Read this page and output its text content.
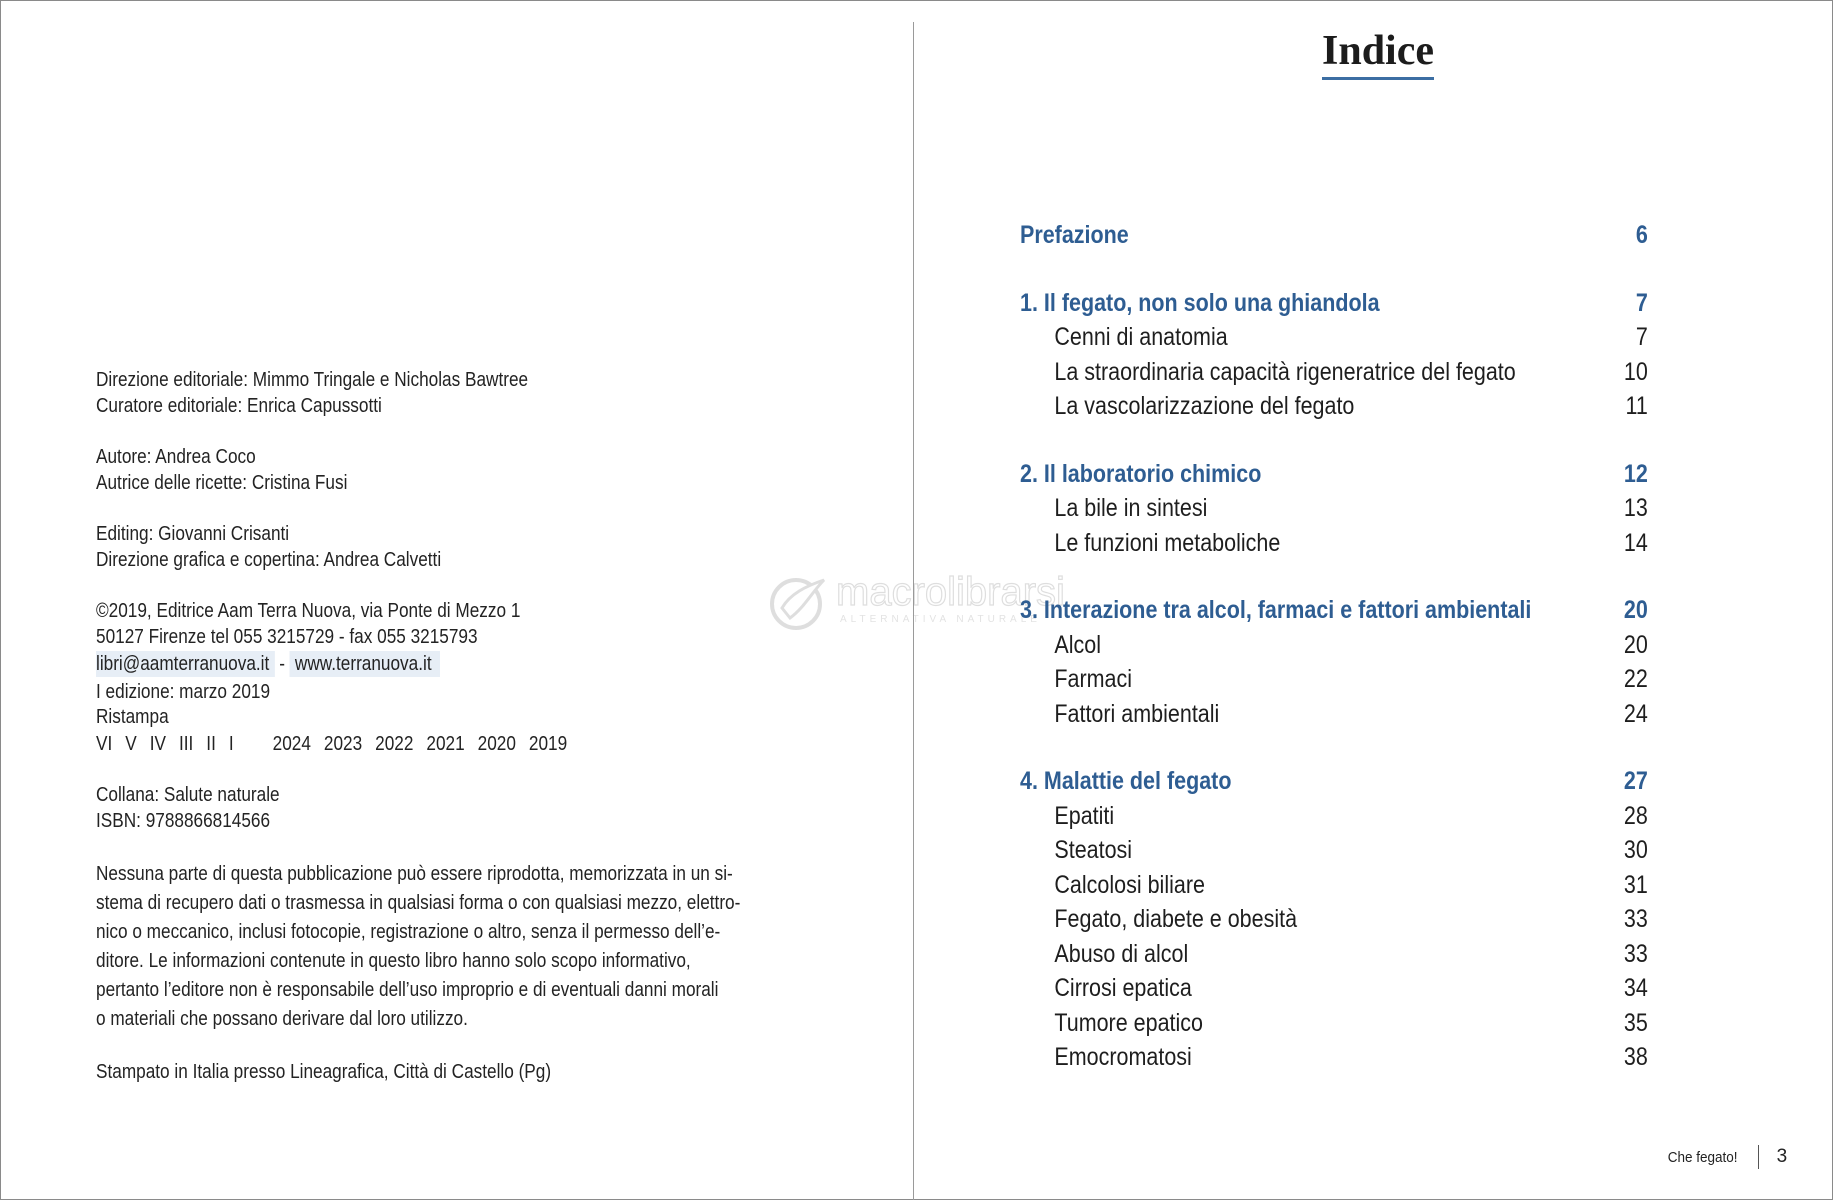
Direzione editoriale: Mimmo Tringale e Nicholas Bawtree
Curatore editoriale: Enrica Capussotti
Autore: Andrea Coco
Autrice delle ricette: Cristina Fusi
Editing: Giovanni Crisanti
Direzione grafica e copertina: Andrea Calvetti
©2019, Editrice Aam Terra Nuova, via Ponte di Mezzo 1
50127 Firenze tel 055 3215729 - fax 055 3215793
libri@aamterranuova.it - www.terranuova.it
I edizione: marzo 2019
Ristampa
VI  V  IV  III  II  I      2024  2023  2022  2021  2020  2019
Collana: Salute naturale
ISBN: 9788866814566
Nessuna parte di questa pubblicazione può essere riprodotta, memorizzata in un si-
stema di recupero dati o trasmessa in qualsiasi forma o con qualsiasi mezzo, elettro-
nico o meccanico, inclusi fotocopie, registrazione o altro, senza il permesso dell’e-
ditore. Le informazioni contenute in questo libro hanno solo scopo informativo,
pertanto l’editore non è responsabile dell’uso improprio e di eventuali danni morali
o materiali che possano derivare dal loro utilizzo.
Stampato in Italia presso Lineagrafica, Città di Castello (Pg)
macrolibrarsi
ALTERNATIVA NATURALE
Indice
Prefazione	6
1. Il fegato, non solo una ghiandola	7
Cenni di anatomia	7
La straordinaria capacità rigeneratrice del fegato	10
La vascolarizzazione del fegato	11
2. Il laboratorio chimico	12
La bile in sintesi	13
Le funzioni metaboliche	14
3. Interazione tra alcol, farmaci e fattori ambientali	20
Alcol	20
Farmaci	22
Fattori ambientali	24
4. Malattie del fegato	27
Epatiti	28
Steatosi	30
Calcolosi biliare	31
Fegato, diabete e obesità	33
Abuso di alcol	33
Cirrosi epatica	34
Tumore epatico	35
Emocromatosi	38
Che fegato! 3
